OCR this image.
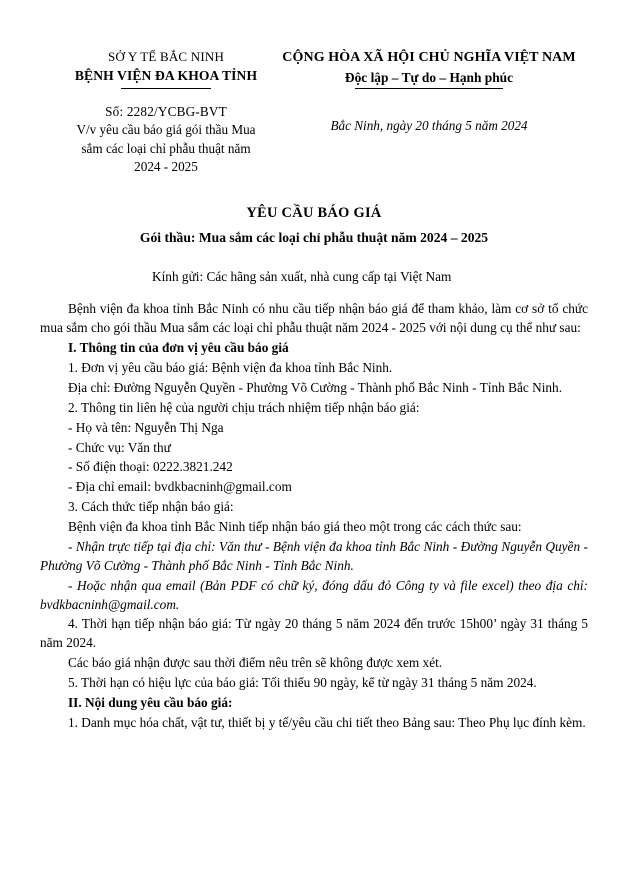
SỞ Y TẾ BẮC NINH
BỆNH VIỆN ĐA KHOA TỈNH
CỘNG HÒA XÃ HỘI CHỦ NGHĨA VIỆT NAM
Độc lập – Tự do – Hạnh phúc
Số: 2282/YCBG-BVT
V/v yêu cầu báo giá gói thầu Mua
sắm các loại chỉ phẫu thuật năm
2024 - 2025
Bắc Ninh, ngày 20 tháng 5 năm 2024
YÊU CẦU BÁO GIÁ
Gói thầu: Mua sắm các loại chỉ phẫu thuật năm 2024 – 2025
Kính gửi: Các hãng sản xuất, nhà cung cấp tại Việt Nam

Bệnh viện đa khoa tỉnh Bắc Ninh có nhu cầu tiếp nhận báo giá để tham khảo, làm cơ sở tổ chức mua sắm cho gói thầu Mua sắm các loại chỉ phẫu thuật năm 2024 - 2025 với nội dung cụ thể như sau:

I. Thông tin của đơn vị yêu cầu báo giá

1. Đơn vị yêu cầu báo giá: Bệnh viện đa khoa tỉnh Bắc Ninh.

Địa chỉ: Đường Nguyễn Quyền - Phường Võ Cường - Thành phố Bắc Ninh - Tỉnh Bắc Ninh.

2. Thông tin liên hệ của người chịu trách nhiệm tiếp nhận báo giá:

- Họ và tên: Nguyễn Thị Nga

- Chức vụ: Văn thư

- Số điện thoại: 0222.3821.242

- Địa chỉ email: bvdkbacninh@gmail.com

3. Cách thức tiếp nhận báo giá:

Bệnh viện đa khoa tỉnh Bắc Ninh tiếp nhận báo giá theo một trong các cách thức sau:

- Nhận trực tiếp tại địa chỉ: Văn thư - Bệnh viện đa khoa tỉnh Bắc Ninh - Đường Nguyễn Quyền - Phường Võ Cường - Thành phố Bắc Ninh - Tỉnh Bắc Ninh.

- Hoặc nhận qua email (Bản PDF có chữ ký, đóng dấu đỏ Công ty và file excel) theo địa chỉ: bvdkbacninh@gmail.com.

4. Thời hạn tiếp nhận báo giá: Từ ngày 20 tháng 5 năm 2024 đến trước 15h00’ ngày 31 tháng 5 năm 2024.

Các báo giá nhận được sau thời điểm nêu trên sẽ không được xem xét.

5. Thời hạn có hiệu lực của báo giá: Tối thiểu 90 ngày, kể từ ngày 31 tháng 5 năm 2024.

II. Nội dung yêu cầu báo giá:

1. Danh mục hóa chất, vật tư, thiết bị y tế/yêu cầu chi tiết theo Bảng sau: Theo Phụ lục đính kèm.
